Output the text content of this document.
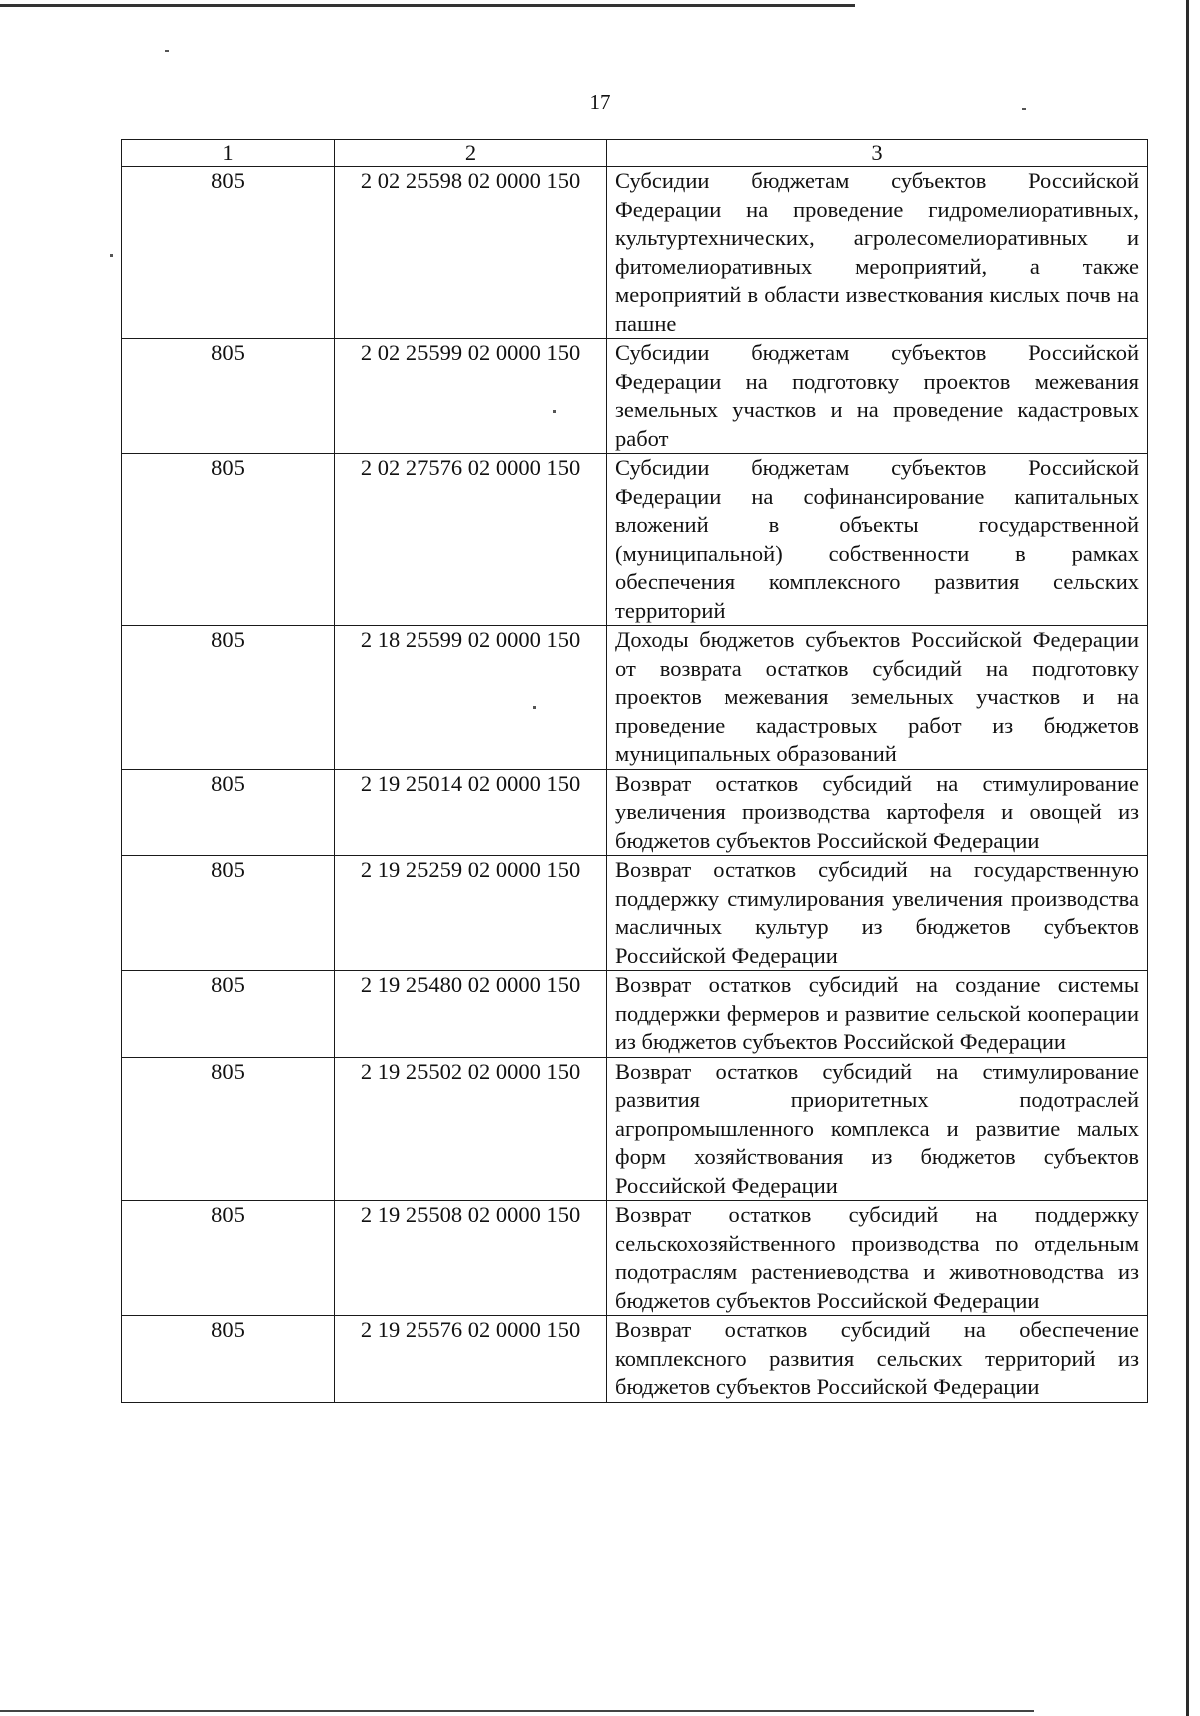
17
1	2	3
805	2 02 25598 02 0000 150	Субсидии бюджетам субъектов Российской Федерации на проведение гидромелиоративных, культуртехнических, агролесомелиоративных и фитомелиоративных мероприятий, а также мероприятий в области известкования кислых почв на пашне
805	2 02 25599 02 0000 150	Субсидии бюджетам субъектов Российской Федерации на подготовку проектов межевания земельных участков и на проведение кадастровых работ
805	2 02 27576 02 0000 150	Субсидии бюджетам субъектов Российской Федерации на софинансирование капитальных вложений в объекты государственной (муниципальной) собственности в рамках обеспечения комплексного развития сельских территорий
805	2 18 25599 02 0000 150	Доходы бюджетов субъектов Российской Федерации от возврата остатков субсидий на подготовку проектов межевания земельных участков и на проведение кадастровых работ из бюджетов муниципальных образований
805	2 19 25014 02 0000 150	Возврат остатков субсидий на стимулирование увеличения производства картофеля и овощей из бюджетов субъектов Российской Федерации
805	2 19 25259 02 0000 150	Возврат остатков субсидий на государственную поддержку стимулирования увеличения производства масличных культур из бюджетов субъектов Российской Федерации
805	2 19 25480 02 0000 150	Возврат остатков субсидий на создание системы поддержки фермеров и развитие сельской кооперации из бюджетов субъектов Российской Федерации
805	2 19 25502 02 0000 150	Возврат остатков субсидий на стимулирование развития приоритетных подотраслей агропромышленного комплекса и развитие малых форм хозяйствования из бюджетов субъектов Российской Федерации
805	2 19 25508 02 0000 150	Возврат остатков субсидий на поддержку сельскохозяйственного производства по отдельным подотраслям растениеводства и животноводства из бюджетов субъектов Российской Федерации
805	2 19 25576 02 0000 150	Возврат остатков субсидий на обеспечение комплексного развития сельских территорий из бюджетов субъектов Российской Федерации
